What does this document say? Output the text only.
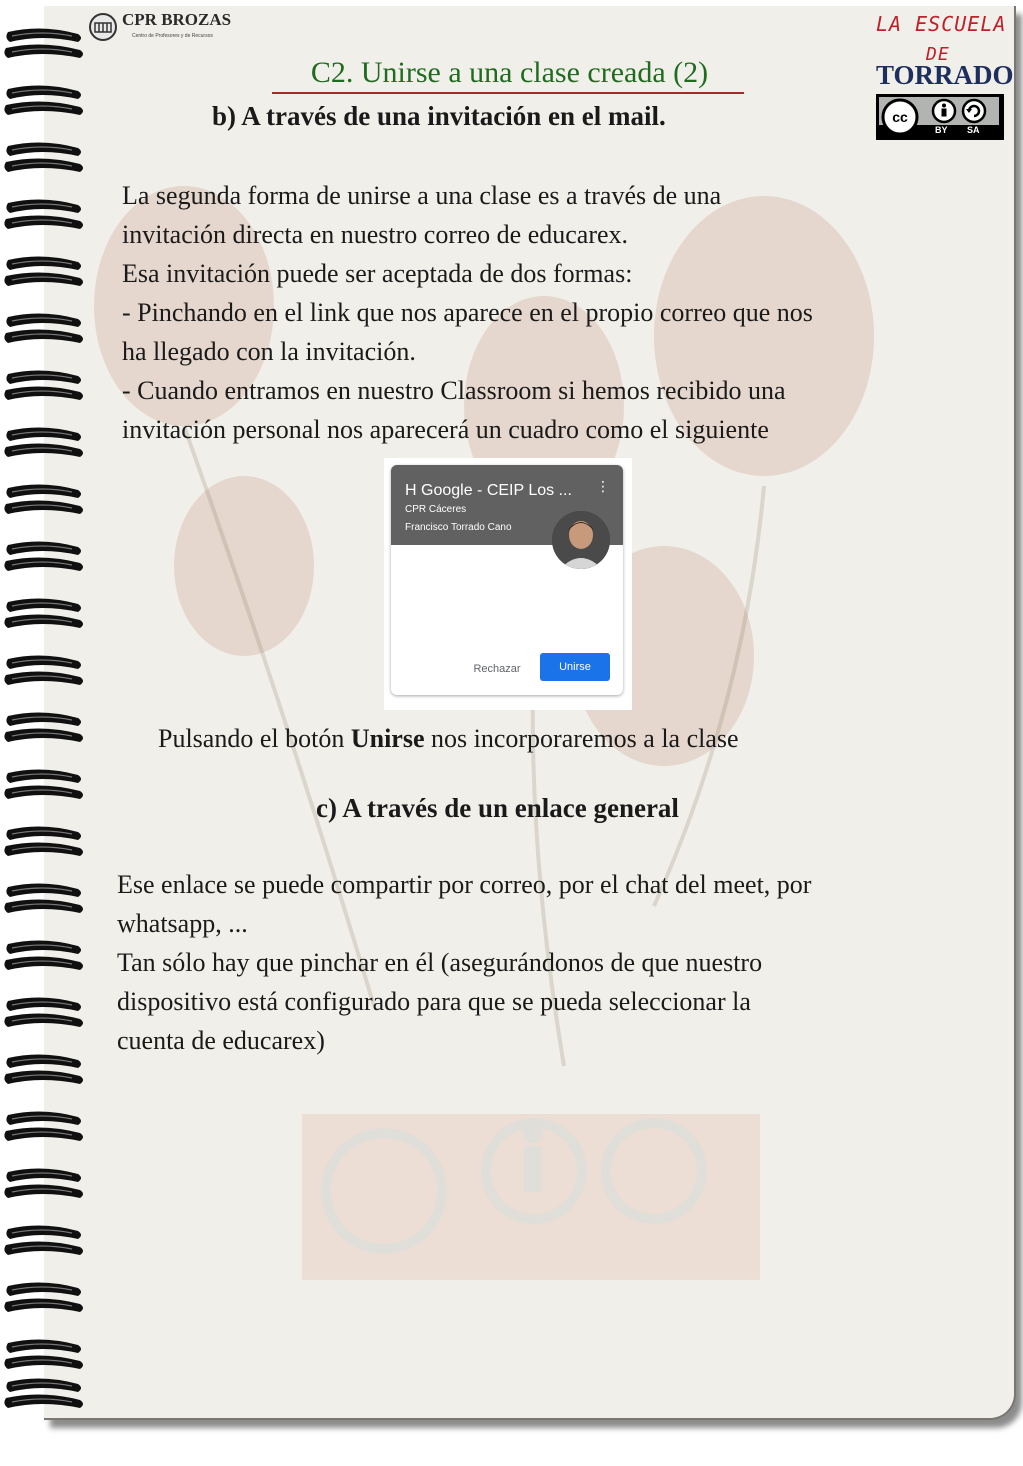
CPR BROZAS
Centro de Profesores y de Recursos	LA ESCUELA
DE
TORRADO
cc
BY SA
C2. Unirse a una clase creada (2)
b) A través de una invitación en el mail.

La segunda forma de unirse a una clase es a través de una

invitación directa en nuestro correo de educarex.

Esa invitación puede ser aceptada de dos formas:

- Pinchando en el link que nos aparece en el propio correo que nos

ha llegado con la invitación.

- Cuando entramos en nuestro Classroom si hemos recibido una

invitación personal nos aparecerá un cuadro como el siguiente

H Google - CEIP Los ...
CPR Cáceres
Francisco Torrado Cano
⋮
Rechazar	Unirse
Pulsando el botón Unirse nos incorporaremos a la clase
c) A través de un enlace general

Ese enlace se puede compartir por correo, por el chat del meet, por

whatsapp, ...

Tan sólo hay que pinchar en él (asegurándonos de que nuestro

dispositivo está configurado para que se pueda seleccionar la

cuenta de educarex)
